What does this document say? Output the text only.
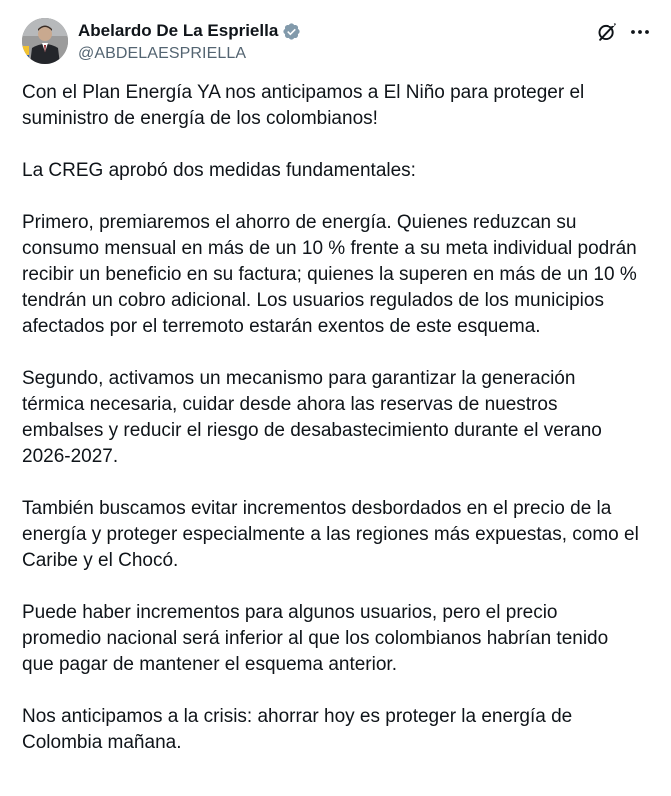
Abelardo De La Espriella
@ABDELAESPRIELLA

Con el Plan Energía YA nos anticipamos a El Niño para proteger el
suministro de energía de los colombianos!

La CREG aprobó dos medidas fundamentales:

Primero, premiaremos el ahorro de energía. Quienes reduzcan su
consumo mensual en más de un 10 % frente a su meta individual podrán
recibir un beneficio en su factura; quienes la superen en más de un 10 %
tendrán un cobro adicional. Los usuarios regulados de los municipios
afectados por el terremoto estarán exentos de este esquema.

Segundo, activamos un mecanismo para garantizar la generación
térmica necesaria, cuidar desde ahora las reservas de nuestros
embalses y reducir el riesgo de desabastecimiento durante el verano
2026-2027.

También buscamos evitar incrementos desbordados en el precio de la
energía y proteger especialmente a las regiones más expuestas, como el
Caribe y el Chocó.

Puede haber incrementos para algunos usuarios, pero el precio
promedio nacional será inferior al que los colombianos habrían tenido
que pagar de mantener el esquema anterior.

Nos anticipamos a la crisis: ahorrar hoy es proteger la energía de
Colombia mañana.
